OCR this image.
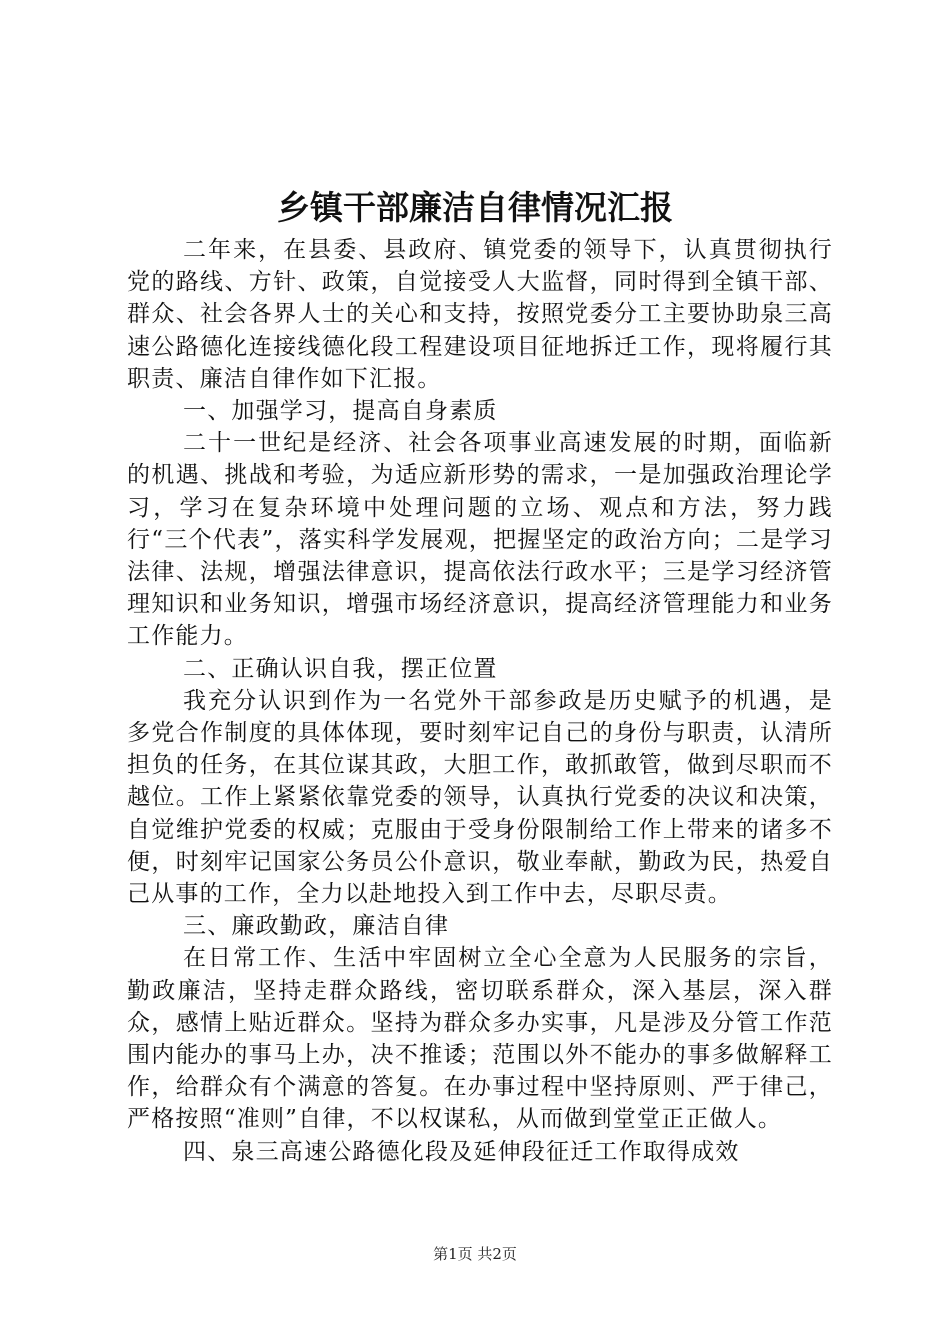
乡镇干部廉洁自律情况汇报

二年来，在县委、县政府、镇党委的领导下，认真贯彻执行党的路线、方针、政策，自觉接受人大监督，同时得到全镇干部、群众、社会各界人士的关心和支持，按照党委分工主要协助泉三高速公路德化连接线德化段工程建设项目征地拆迁工作，现将履行其职责、廉洁自律作如下汇报。

一、加强学习，提高自身素质

二十一世纪是经济、社会各项事业高速发展的时期，面临新的机遇、挑战和考验，为适应新形势的需求，一是加强政治理论学习，学习在复杂环境中处理问题的立场、观点和方法，努力践行“三个代表”，落实科学发展观，把握坚定的政治方向；二是学习法律、法规，增强法律意识，提高依法行政水平；三是学习经济管理知识和业务知识，增强市场经济意识，提高经济管理能力和业务工作能力。

二、正确认识自我，摆正位置

我充分认识到作为一名党外干部参政是历史赋予的机遇，是多党合作制度的具体体现，要时刻牢记自己的身份与职责，认清所担负的任务，在其位谋其政，大胆工作，敢抓敢管，做到尽职而不越位。工作上紧紧依靠党委的领导，认真执行党委的决议和决策，自觉维护党委的权威；克服由于受身份限制给工作上带来的诸多不便，时刻牢记国家公务员公仆意识，敬业奉献，勤政为民，热爱自己从事的工作，全力以赴地投入到工作中去，尽职尽责。

三、廉政勤政，廉洁自律

在日常工作、生活中牢固树立全心全意为人民服务的宗旨，勤政廉洁，坚持走群众路线，密切联系群众，深入基层，深入群众，感情上贴近群众。坚持为群众多办实事，凡是涉及分管工作范围内能办的事马上办，决不推诿；范围以外不能办的事多做解释工作，给群众有个满意的答复。在办事过程中坚持原则、严于律己，严格按照“准则”自律，不以权谋私，从而做到堂堂正正做人。

四、泉三高速公路德化段及延伸段征迁工作取得成效

第1页 共2页
